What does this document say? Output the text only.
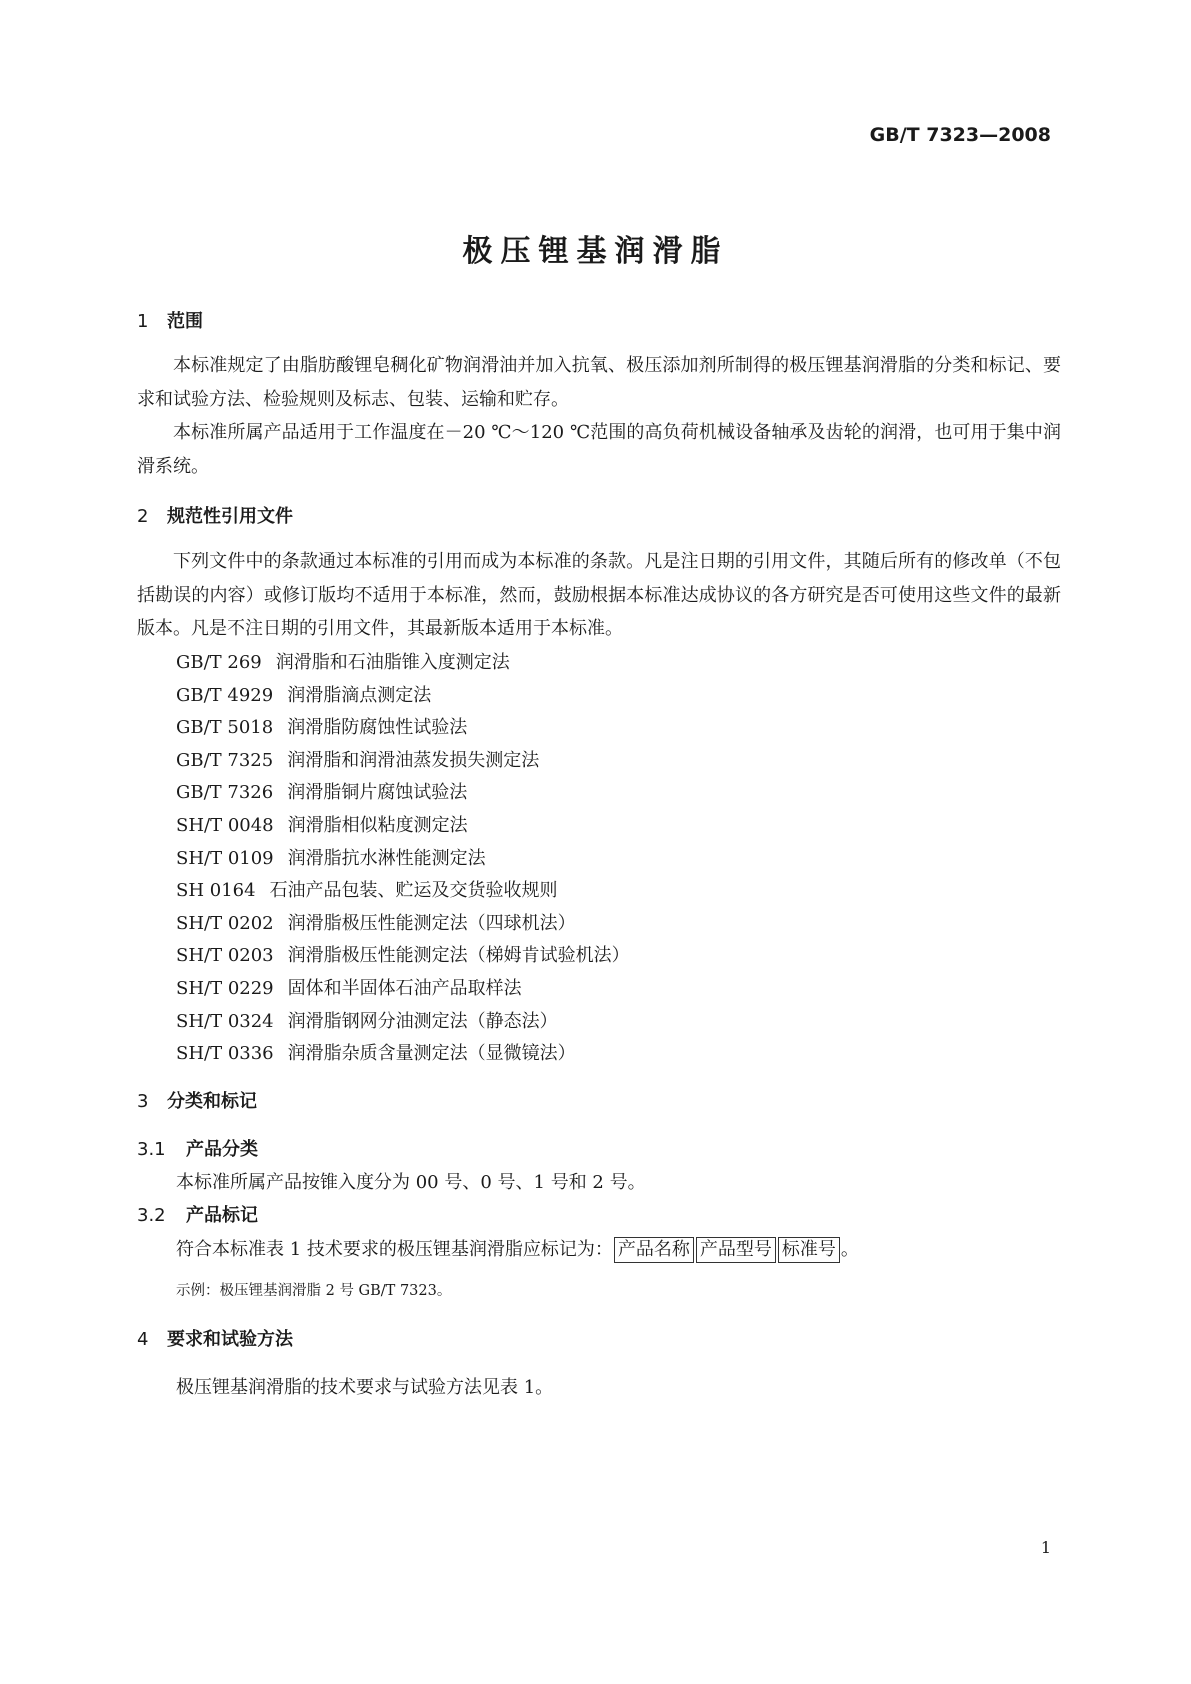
GB/T 7323—2008
极压锂基润滑脂
1 范围
本标准规定了由脂肪酸锂皂稠化矿物润滑油并加入抗氧、极压添加剂所制得的极压锂基润滑脂的分类和标记、要求和试验方法、检验规则及标志、包装、运输和贮存。
本标准所属产品适用于工作温度在－20 ℃～120 ℃范围的高负荷机械设备轴承及齿轮的润滑，也可用于集中润滑系统。
2 规范性引用文件
下列文件中的条款通过本标准的引用而成为本标准的条款。凡是注日期的引用文件，其随后所有的修改单（不包括勘误的内容）或修订版均不适用于本标准，然而，鼓励根据本标准达成协议的各方研究是否可使用这些文件的最新版本。凡是不注日期的引用文件，其最新版本适用于本标准。
GB/T 269 润滑脂和石油脂锥入度测定法
GB/T 4929 润滑脂滴点测定法
GB/T 5018 润滑脂防腐蚀性试验法
GB/T 7325 润滑脂和润滑油蒸发损失测定法
GB/T 7326 润滑脂铜片腐蚀试验法
SH/T 0048 润滑脂相似粘度测定法
SH/T 0109 润滑脂抗水淋性能测定法
SH 0164 石油产品包装、贮运及交货验收规则
SH/T 0202 润滑脂极压性能测定法（四球机法）
SH/T 0203 润滑脂极压性能测定法（梯姆肯试验机法）
SH/T 0229 固体和半固体石油产品取样法
SH/T 0324 润滑脂钢网分油测定法（静态法）
SH/T 0336 润滑脂杂质含量测定法（显微镜法）
3 分类和标记
3.1 产品分类
本标准所属产品按锥入度分为 00 号、0 号、1 号和 2 号。
3.2 产品标记
符合本标准表 1 技术要求的极压锂基润滑脂应标记为： 产品名称 产品型号 标准号 。
示例：极压锂基润滑脂 2 号 GB/T 7323。
4 要求和试验方法
极压锂基润滑脂的技术要求与试验方法见表 1。
1
